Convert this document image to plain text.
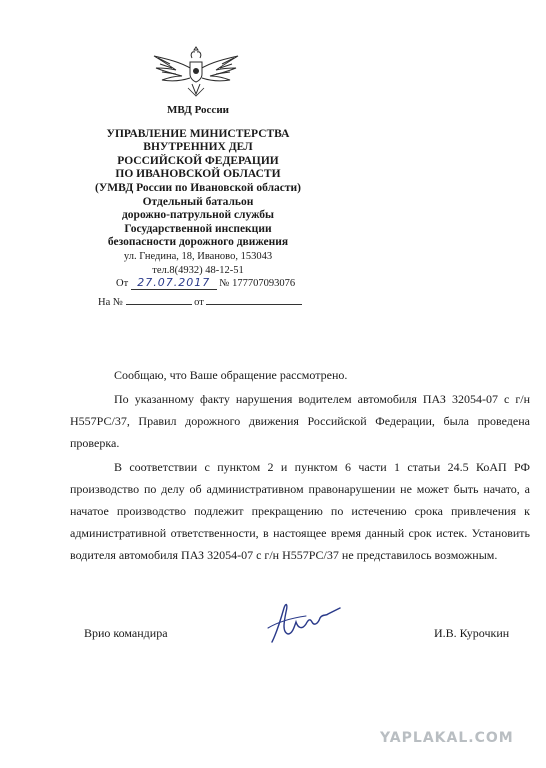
МВД России
УПРАВЛЕНИЕ МИНИСТЕРСТВА
ВНУТРЕННИХ ДЕЛ
РОССИЙСКОЙ ФЕДЕРАЦИИ
ПО ИВАНОВСКОЙ ОБЛАСТИ
(УМВД России по Ивановской области)
Отдельный батальон
дорожно-патрульной службы
Государственной инспекции
безопасности дорожного движения
ул. Гнедина, 18, Иваново, 153043
тел.8(4932) 48-12-51
От 27.07.2017 № 177707093076
На №	от

Сообщаю, что Ваше обращение рассмотрено.

По указанному факту нарушения водителем автомобиля ПАЗ 32054-07 с г/н Н557РС/37, Правил дорожного движения Российской Федерации, была проведена проверка.

В соответствии с пунктом 2 и пунктом 6 части 1 статьи 24.5 КоАП РФ производство по делу об административном правонарушении не может быть начато, а начатое производство подлежит прекращению по истечению срока привлечения к административной ответственности, в настоящее время данный срок истек. Установить водителя автомобиля ПАЗ 32054-07 с г/н Н557РС/37 не представилось возможным.

Врио командира	И.В. Курочкин
YAPLAKAL.COM
